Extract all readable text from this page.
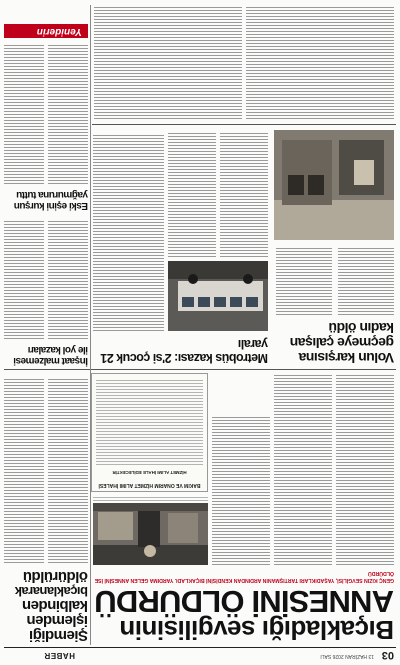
03
13 HAZİRAN 2026 SALI
HABER
Bıçakladığı sevgilisinin
ANNESİNİ ÖLDÜRDÜ
GENÇ KIZIN SEVGİLİSİ, YAŞADIKLARI TARTIŞMANIN ARDINDAN KENDİSİNİ BIÇAKLADI. YARDIMA GELEN ANNESİNİ İSE ÖLDÜRDÜ
BAKIM VE ONARIM HİZMET ALIMI İHALESİ
HİZMET ALIMI İHALE EDİLECEKTİR
Şiemdiği
işlemden
kalbinden
bıçaklanarak
öldürüldü
Volun karşısına
geçmeye çalışan
kadın öldü
Metrobüs kazası: 2'si çocuk 21 yaralı
İnşaat malzemesi
ile yol kazaları
Eski eşini kurşun
yağmuruna tuttu
Yeniderin
